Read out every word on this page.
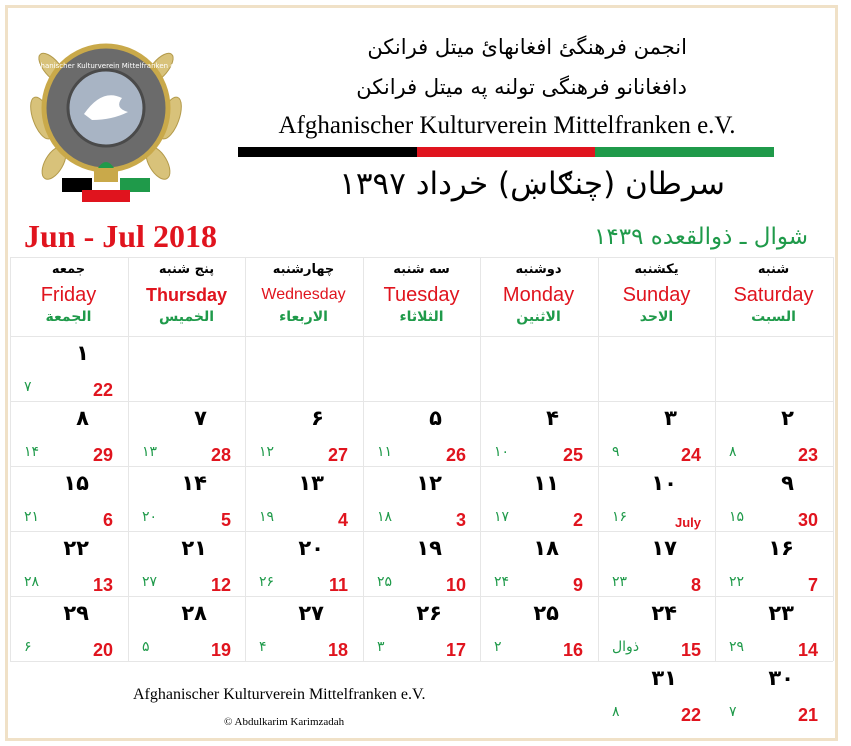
Afghanischer Kulturverein Mittelfranken e.V.
انجمن فرهنگئ افغانهائ میتل فرانکن
دافغانانو فرهنگی تولنه په میتل فرانکن
Afghanischer Kulturverein Mittelfranken e.V.
سرطان (چنګاښ) خرداد ۱۳۹۷
Jun - Jul 2018	شوال ـ ذوالقعده ۱۴۳۹
جمعه
Friday
الجمعة
پنج شنبه
Thursday
الخميس
چهارشنبه
Wednesday
الاربعاء
سه شنبه
Tuesday
الثلاثاء
دوشنبه
Monday
الاثنين
یکشنبه
Sunday
الاحد
شنبه
Saturday
السبت
۱
22
۷
۸
29
۱۴
۷
28
۱۳
۶
27
۱۲
۵
26
۱۱
۴
25
۱۰
۳
24
۹
۲
23
۸
۱۵
6
۲۱
۱۴
5
۲۰
۱۳
4
۱۹
۱۲
3
۱۸
۱۱
2
۱۷
۱۰
July
۱۶
۹
30
۱۵
۲۲
13
۲۸
۲۱
12
۲۷
۲۰
11
۲۶
۱۹
10
۲۵
۱۸
9
۲۴
۱۷
8
۲۳
۱۶
7
۲۲
۲۹
20
۶
۲۸
19
۵
۲۷
18
۴
۲۶
17
۳
۲۵
16
۲
۲۴
15
ذوال
۲۳
14
۲۹
۳۱
22
۸
۳۰
21
۷
Afghanischer Kulturverein Mittelfranken e.V.
© Abdulkarim Karimzadah
